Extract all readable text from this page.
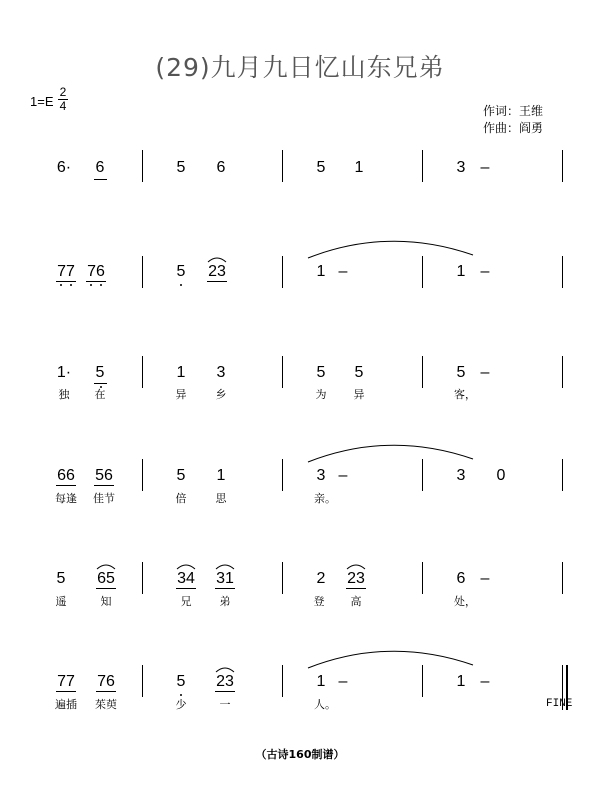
(29)九月九日忆山东兄弟
1=E
2
4	作词：王维
作曲：阎勇
6·	6	5	6	5	1	3 –
77 76	5	23	1 –	1 –
1·	5	1	3	5	5	5 –
独	在	异	乡	为	异	客，
66	56	5	1	3 –	3	0
每逢	佳节	倍	思	亲。
5	65	34	31	2	23	6 –
遥	知	兄	弟	登	高	处，
77	76	5	23	1 –	1 –
FINE
遍插	茱萸	少	一	人。
（古诗160制谱）
